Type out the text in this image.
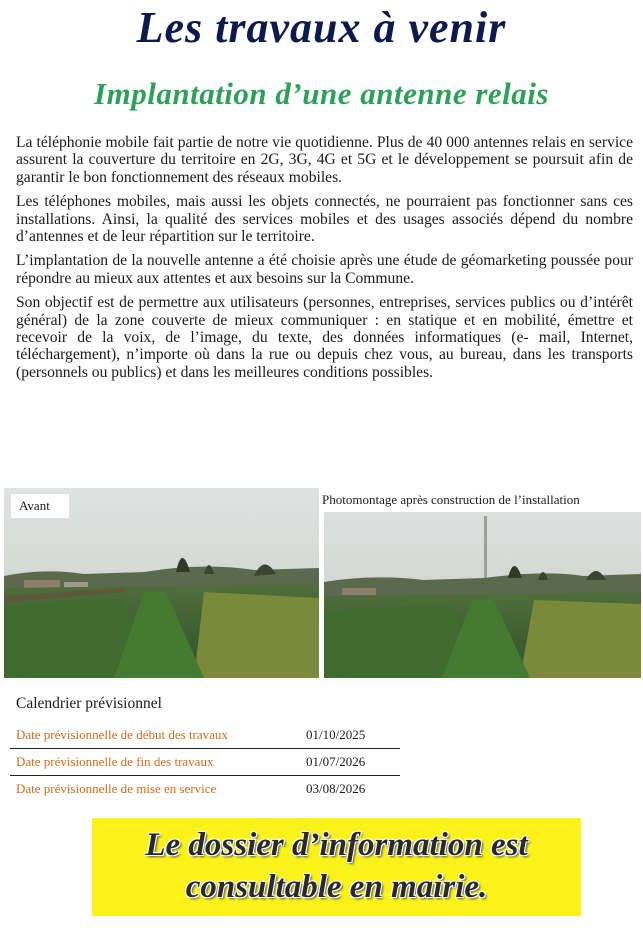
Les travaux à venir
Implantation d’une antenne relais

La téléphonie mobile fait partie de notre vie quotidienne. Plus de 40 000 antennes relais en service assurent la couverture du territoire en 2G, 3G, 4G et 5G et le développement se poursuit afin de garantir le bon fonctionnement des réseaux mobiles.

Les téléphones mobiles, mais aussi les objets connectés, ne pourraient pas fonctionner sans ces installations. Ainsi, la qualité des services mobiles et des usages associés dépend du nombre d’antennes et de leur répartition sur le territoire.

L’implantation de la nouvelle antenne a été choisie après une étude de géomarketing poussée pour répondre au mieux aux attentes et aux besoins sur la Commune.

Son objectif est de permettre aux utilisateurs (personnes, entreprises, services publics ou d’intérêt général) de la zone couverte de mieux communiquer : en statique et en mobilité, émettre et recevoir de la voix, de l’image, du texte, des données informatiques (e- mail, Internet, téléchargement), n’importe où dans la rue ou depuis chez vous, au bureau, dans les transports (personnels ou publics) et dans les meilleures conditions possibles.

Avant	Photomontage après construction de l’installation
Calendrier prévisionnel
Date prévisionnelle de début des travaux	01/10/2025
Date prévisionnelle de fin des travaux	01/07/2026
Date prévisionnelle de mise en service	03/08/2026
Le dossier d’information est
consultable en mairie.
